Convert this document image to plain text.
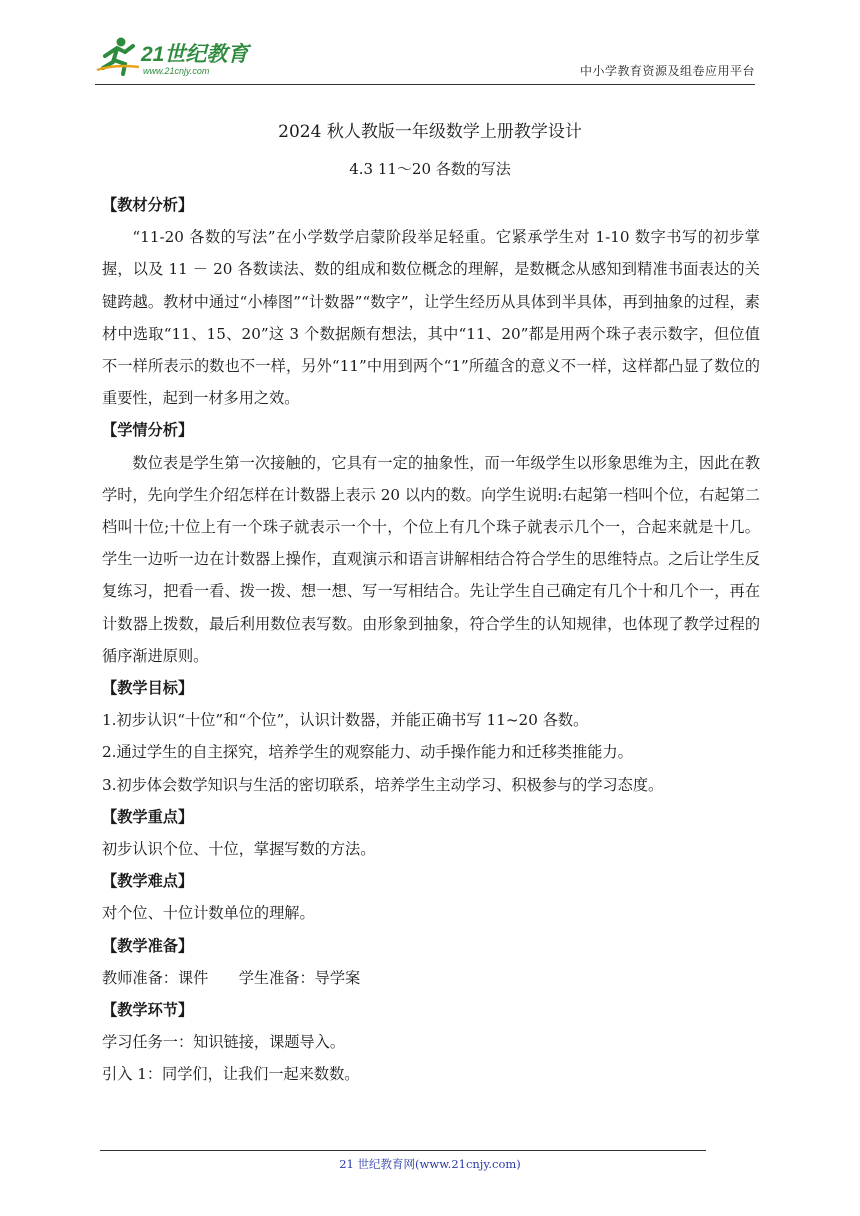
21世纪教育
www.21cnjy.com	中小学教育资源及组卷应用平台
2024 秋人教版一年级数学上册教学设计
4.3 11～20 各数的写法

【教材分析】

“11-20 各数的写法”在小学数学启蒙阶段举足轻重。它紧承学生对 1-10 数字书写的初步掌握，以及 11 － 20 各数读法、数的组成和数位概念的理解，是数概念从感知到精准书面表达的关键跨越。教材中通过“小棒图”“计数器”“数字”，让学生经历从具体到半具体，再到抽象的过程，素材中选取“11、15、20”这 3 个数据颇有想法，其中“11、20”都是用两个珠子表示数字，但位值不一样所表示的数也不一样，另外“11”中用到两个“1”所蕴含的意义不一样，这样都凸显了数位的重要性，起到一材多用之效。

【学情分析】

数位表是学生第一次接触的，它具有一定的抽象性，而一年级学生以形象思维为主，因此在教学时，先向学生介绍怎样在计数器上表示 20 以内的数。向学生说明:右起第一档叫个位，右起第二档叫十位;十位上有一个珠子就表示一个十，个位上有几个珠子就表示几个一，合起来就是十几。学生一边听一边在计数器上操作，直观演示和语言讲解相结合符合学生的思维特点。之后让学生反复练习，把看一看、拨一拨、想一想、写一写相结合。先让学生自己确定有几个十和几个一，再在计数器上拨数，最后利用数位表写数。由形象到抽象，符合学生的认知规律，也体现了教学过程的循序渐进原则。

【教学目标】

1.初步认识“十位”和“个位”，认识计数器，并能正确书写 11~20 各数。

2.通过学生的自主探究，培养学生的观察能力、动手操作能力和迁移类推能力。

3.初步体会数学知识与生活的密切联系，培养学生主动学习、积极参与的学习态度。

【教学重点】

初步认识个位、十位，掌握写数的方法。

【教学难点】

对个位、十位计数单位的理解。

【教学准备】

教师准备：课件　　学生准备：导学案

【教学环节】

学习任务一：知识链接，课题导入。

引入 1：同学们，让我们一起来数数。

21 世纪教育网(www.21cnjy.com)
